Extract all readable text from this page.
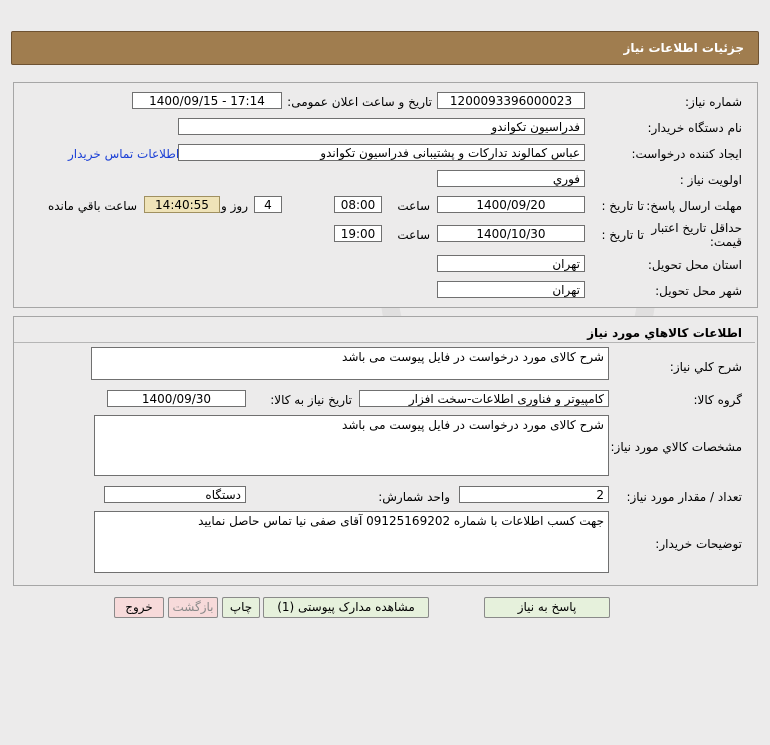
جزئیات اطلاعات نیاز
شماره نیاز:
1200093396000023
تاریخ و ساعت اعلان عمومی:
1400/09/15 - 17:14
نام دستگاه خریدار:
فدراسیون تکواندو
ایجاد کننده درخواست:
عباس کمالوند تدارکات و پشتیبانی فدراسیون تکواندو
اطلاعات تماس خریدار
اولویت نیاز :
فوري
مهلت ارسال پاسخ:
تا تاریخ :
1400/09/20
ساعت
08:00
4
روز و
14:40:55
ساعت باقي مانده
حداقل تاریخ اعتبار
قیمت:
تا تاریخ :
1400/10/30
ساعت
19:00
استان محل تحویل:
تهران
شهر محل تحویل:
تهران
اطلاعات کالاهاي مورد نياز
شرح کلي نياز:
شرح کالای مورد درخواست در فایل پیوست می باشد
گروه کالا:
کامپیوتر و فناوری اطلاعات-سخت افزار
تاریخ نیاز به کالا:
1400/09/30
مشخصات کالاي مورد نياز:
شرح کالای مورد درخواست در فایل پیوست می باشد
تعداد / مقدار مورد نیاز:
2
واحد شمارش:
دستگاه
توضیحات خریدار:
جهت کسب اطلاعات با شماره 09125169202 آقای صفی نیا تماس حاصل نمایید
پاسخ به نیاز
مشاهده مدارک پیوستی (1)
چاپ
بازگشت
خروج
